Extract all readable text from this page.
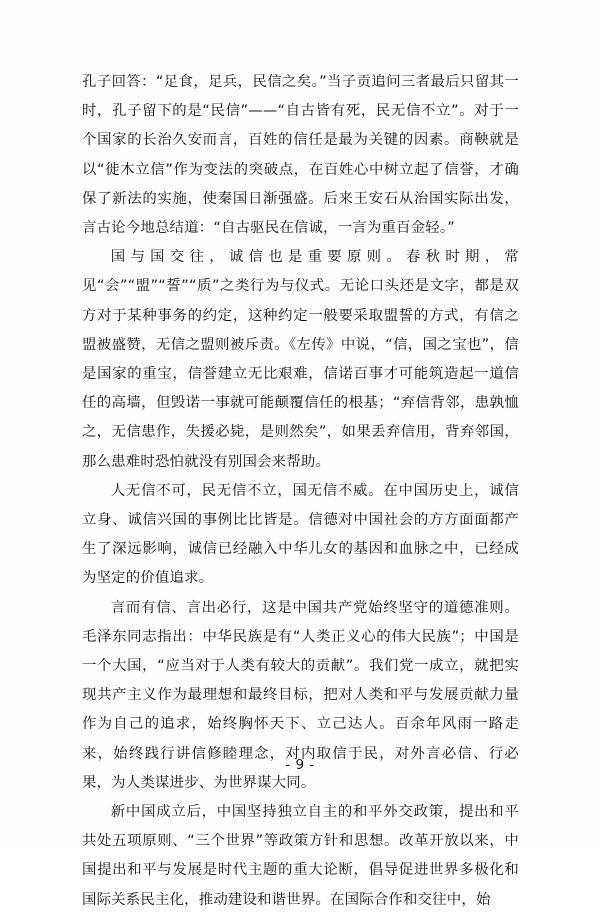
孔子回答：“足食，足兵，民信之矣。”当子贡追问三者最后只留其一时，孔子留下的是“民信”——“自古皆有死，民无信不立”。对于一个国家的长治久安而言，百姓的信任是最为关键的因素。商鞅就是以“徙木立信”作为变法的突破点，在百姓心中树立起了信誉，才确保了新法的实施，使秦国日渐强盛。后来王安石从治国实际出发，言古论今地总结道：“自古驱民在信诚，一言为重百金轻。”

国与国交往，诚信也是重要原则。春秋时期，常见“会”“盟”“誓”“质”之类行为与仪式。无论口头还是文字，都是双方对于某种事务的约定，这种约定一般要采取盟誓的方式，有信之盟被盛赞，无信之盟则被斥责。《左传》中说，“信，国之宝也”，信是国家的重宝，信誉建立无比艰难，信诺百事才可能筑造起一道信任的高墙，但毁诺一事就可能颠覆信任的根基；“弃信背邻，患孰恤之，无信患作，失援必毙，是则然矣”，如果丢弃信用，背弃邻国，那么患难时恐怕就没有别国会来帮助。

人无信不可，民无信不立，国无信不威。在中国历史上，诚信立身、诚信兴国的事例比比皆是。信德对中国社会的方方面面都产生了深远影响，诚信已经融入中华儿女的基因和血脉之中，已经成为坚定的价值追求。

言而有信、言出必行，这是中国共产党始终坚守的道德准则。毛泽东同志指出：中华民族是有“人类正义心的伟大民族”；中国是一个大国，“应当对于人类有较大的贡献”。我们党一成立，就把实现共产主义作为最理想和最终目标，把对人类和平与发展贡献力量作为自己的追求，始终胸怀天下、立己达人。百余年风雨一路走来，始终践行讲信修睦理念，对内取信于民，对外言必信、行必果，为人类谋进步、为世界谋大同。

新中国成立后，中国坚持独立自主的和平外交政策，提出和平共处五项原则、“三个世界”等政策方针和思想。改革开放以来，中国提出和平与发展是时代主题的重大论断，倡导促进世界多极化和国际关系民主化，推动建设和谐世界。在国际合作和交往中，始

- 9 -
